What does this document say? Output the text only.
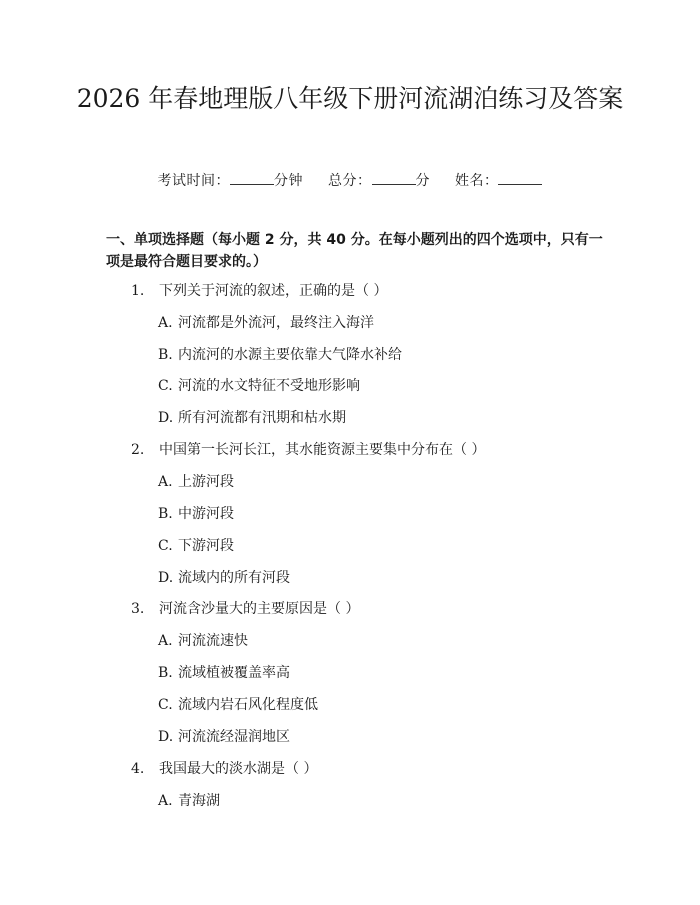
2026 年春地理版八年级下册河流湖泊练习及答案
考试时间：	分钟 总分：	分 姓名：
一、单项选择题（每小题 2 分，共 40 分。在每小题列出的四个选项中，只有一项是最符合题目要求的。）
1. 下列关于河流的叙述，正确的是（ ）
A. 河流都是外流河，最终注入海洋
B. 内流河的水源主要依靠大气降水补给
C. 河流的水文特征不受地形影响
D. 所有河流都有汛期和枯水期
2. 中国第一长河长江，其水能资源主要集中分布在（ ）
A. 上游河段
B. 中游河段
C. 下游河段
D. 流域内的所有河段
3. 河流含沙量大的主要原因是（ ）
A. 河流流速快
B. 流域植被覆盖率高
C. 流域内岩石风化程度低
D. 河流流经湿润地区
4. 我国最大的淡水湖是（ ）
A. 青海湖
